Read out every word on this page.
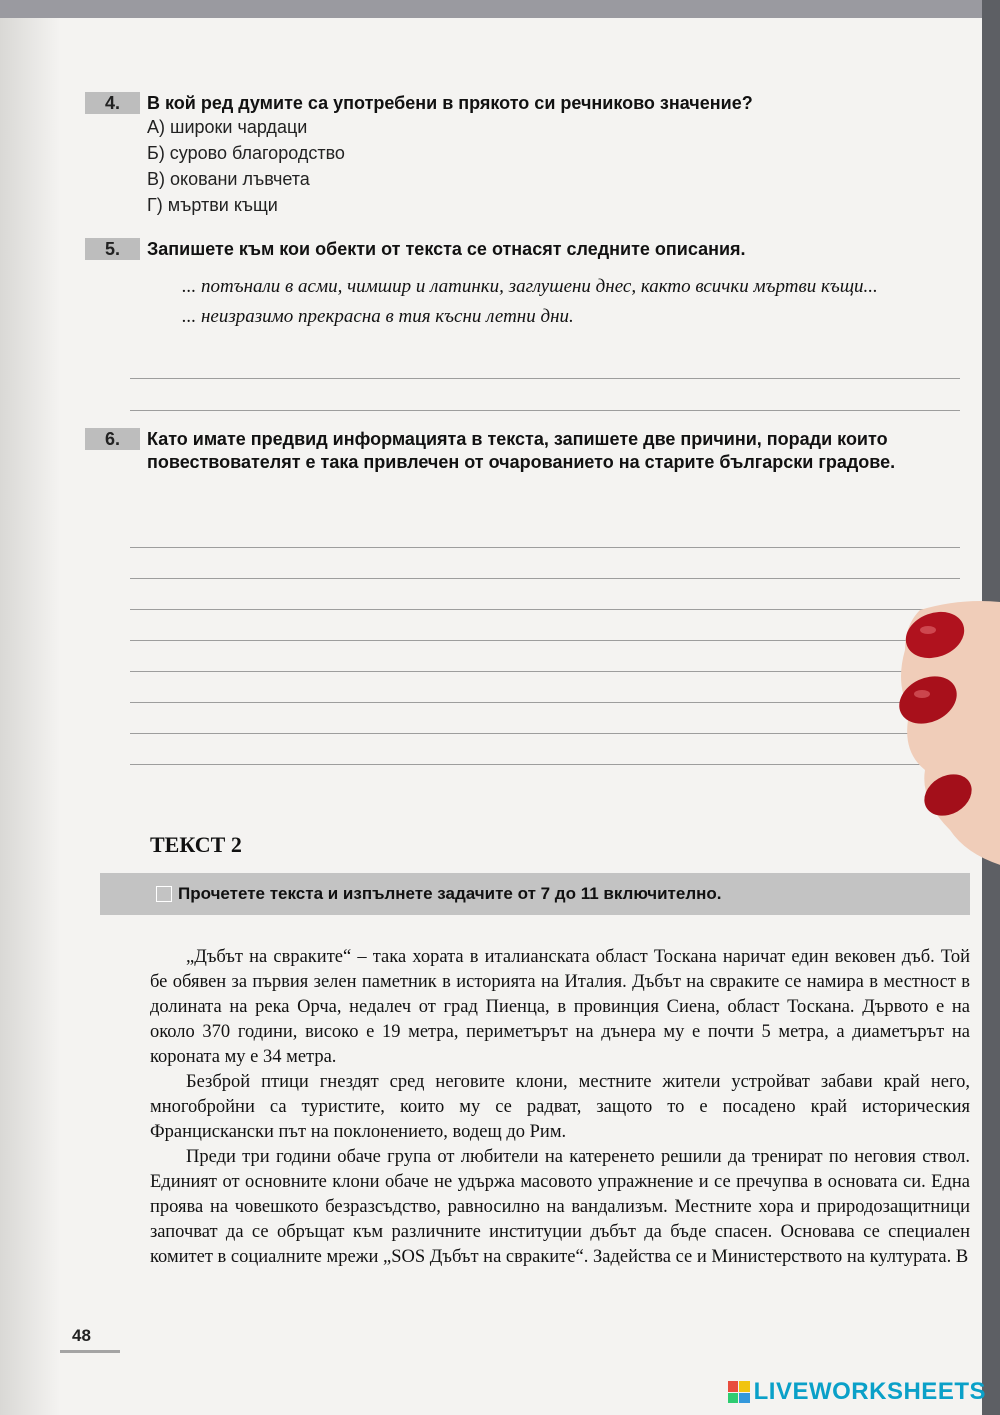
4.	В кой ред думите са употребени в прякото си речниково значение?
А) широки чардаци
Б) сурово благородство
В) оковани лъвчета
Г) мъртви къщи
5.	Запишете към кои обекти от текста се отнасят следните описания.
... потънали в асми, чимшир и латинки, заглушени днес, както всички мъртви къщи...
... неизразимо прекрасна в тия късни летни дни.
6.	Като имате предвид информацията в текста, запишете две причини, поради които повествователят е така привлечен от очарованието на старите български градове.
ТЕКСТ 2
Прочетете текста и изпълнете задачите от 7 до 11 включително.

„Дъбът на свраките“ – така хората в италианската област Тоскана наричат един вековен дъб. Той бе обявен за първия зелен паметник в историята на Италия. Дъбът на свраките се намира в местност в долината на река Орча, недалеч от град Пиенца, в провинция Сиена, област Тоскана. Дървото е на около 370 години, високо е 19 метра, периметърът на дънера му е почти 5 метра, а диаметърът на короната му е 34 метра.

Безброй птици гнездят сред неговите клони, местните жители устройват забави край него, многобройни са туристите, които му се радват, защото то е посадено край историческия Францискански път на поклонението, водещ до Рим.

Преди три години обаче група от любители на катеренето решили да тренират по неговия ствол. Единият от основните клони обаче не удържа масовото упражнение и се пречупва в основата си. Една проява на човешкото безразсъдство, равносилно на вандализъм. Местните хора и природозащитници започват да се обръщат към различните институции дъбът да бъде спасен. Основава се специален комитет в социалните мрежи „SOS Дъбът на свраките“. Задейства се и Министерството на културата. В

48
LIVEWORKSHEETS
